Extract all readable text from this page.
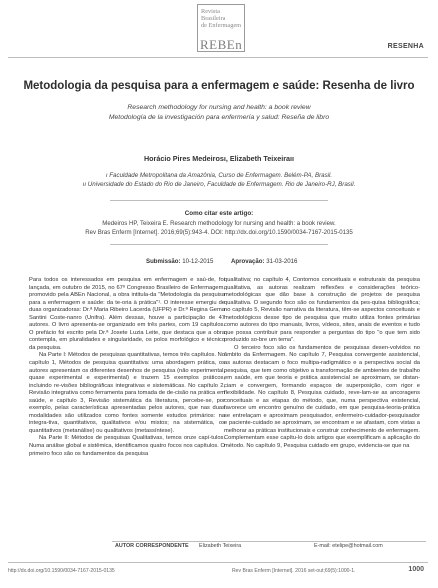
Revista
Brasileira
de Enfermagem
REBEn	RESENHA
Metodologia da pesquisa para a enfermagem e saúde: Resenha de livro
Research methodology for nursing and health: a book review
Metodología de la investigación para enfermería y salud: Reseña de libro
Horácio Pires Medeirosı, Elizabeth Teixeiraıı
ı Faculdade Metropolitana da Amazônia, Curso de Enfermagem. Belém-PA, Brasil.
ıı Universidade do Estado do Rio de Janeiro, Faculdade de Enfermagem. Rio de Janeiro-RJ, Brasil.
Como citar este artigo:
Medeiros HP, Teixeira E. Research methodology for nursing and health: a book review.
Rev Bras Enferm [Internet]. 2016;69(5):943-4. DOI: http://dx.doi.org/10.1590/0034-7167-2015-0135
Submissão: 10-12-2015	Aprovação: 31-03-2016

Para todos os interessados em pesquisa em enfermagem e saú-de, foi lançada, em outubro de 2015, no 67º Congresso Brasileiro de Enfermagem, promovido pela ABEn Nacional, a obra intitula-da "Metodologia da pesquisa para a enfermagem e saúde: da te-oria à prática"¹. O interesse emergiu de duas organizadoras: Dr.ª Maria Ribeiro Lacerda (UFPR) e Dr.ª Regina Gema Santini Coste-nanro (Unifra). Além dessas, houve a participação de 47 autores. O livro apresenta-se organizado em três partes, com 19 capítulos. O prefácio foi escrito pela Dr.ª Josete Luzia Leite, que destaca que a obra contempla, em pluralidades e singularidade, os polos morfológico e técnico da pesquisa.

Na Parte I: Métodos de pesquisas quantitativas, temos três capítulos. No capítulo 1, Métodos de pesquisa quantitativa: uma abordagem prática, os autores apresentam os diferentes desenhos de pesquisa (não experimental, quase experimental e experimental) e trazem 15 exemplos práticos, incluindo re-visões bibliográficas integrativas e sistemáticas. No capítulo 2, Revisão integrativa como ferramenta para tomada de de-cisão na prática em saúde, e capítulo 3, Revisão sistemática da literatura, percebe-se, por exemplo, pelas características apresentadas pelos autores, que nas duas modalidades são utilizados como fontes somente estudos primários: na integra-tiva, quantitativos, qualitativos e/ou mistos; na sistemática, os quantitativos (metanálise) ou qualitativos (metassíntese).

Na Parte II: Métodos de pesquisas Qualitativas, temos onze capí-tulos. Numa análise global e sistêmica, identificamos quatro focos nos capítulos. O primeiro foco são os fundamentos da pesquisa

qualitativa; no capítulo 4, Contornos conceituais e estruturais da pesquisa qualitativa, as autoras realizam reflexões e considerações teórico-metodológicas que dão base à construção de projetos de pesquisa qualitativa. O segundo foco são os fundamentos da pes-quisa bibliográfica; no capítulo 5, Revisão narrativa da literatura, têm-se aspectos conceituais e metodológicos desse tipo de pesquisa que muito utiliza fontes primárias como autores do tipo manuais, livros, vídeos, sites, anais de eventos e tudo que possa contribuir para responder a perguntas do tipo "o que tem sido produzido so-bre um tema".

O terceiro foco são os fundamentos de pesquisas desen-volvidos no âmbito da Enfermagem. No capítulo 7, Pesquisa convergente assistencial, as autoras destacam o foco multipa-radigmático e a perspectiva social da pesquisa, que tem como objetivo a transformação de ambientes de trabalho em saúde, em que teoria e prática assistencial se aproximam, se distan-ciam e convergem, formando espaços de superposição, com rigor e flexibilidade. No capítulo 8, Pesquisa cuidado, reve-lam-se as ancoragens conceituais e as etapas do método, que, numa perspectiva existencial, favorece um encontro genuíno de cuidado, em que pesquisa-teoria-prática se entrelaçam e aproximam pesquisador, enfermeiro-cuidador-pesquisador e paciente-cuidado se aproximam, se encontram e se afastam, com vistas a melhorar as práticas institucionais e construir conhecimento de enfermagem. Complementam esse capítu-lo dois artigos que exemplificam a aplicação do método. No capítulo 9, Pesquisa cuidado em grupo, evidencia-se que na

AUTOR CORRESPONDENTE Elizabeth Teixeira	E-mail: etelipe@hotmail.com
http://dx.doi.org/10.1590/0034-7167-2015-0135	Rev Bras Enferm [Internet]. 2016 set-out;69(5):1000-1.	1000
